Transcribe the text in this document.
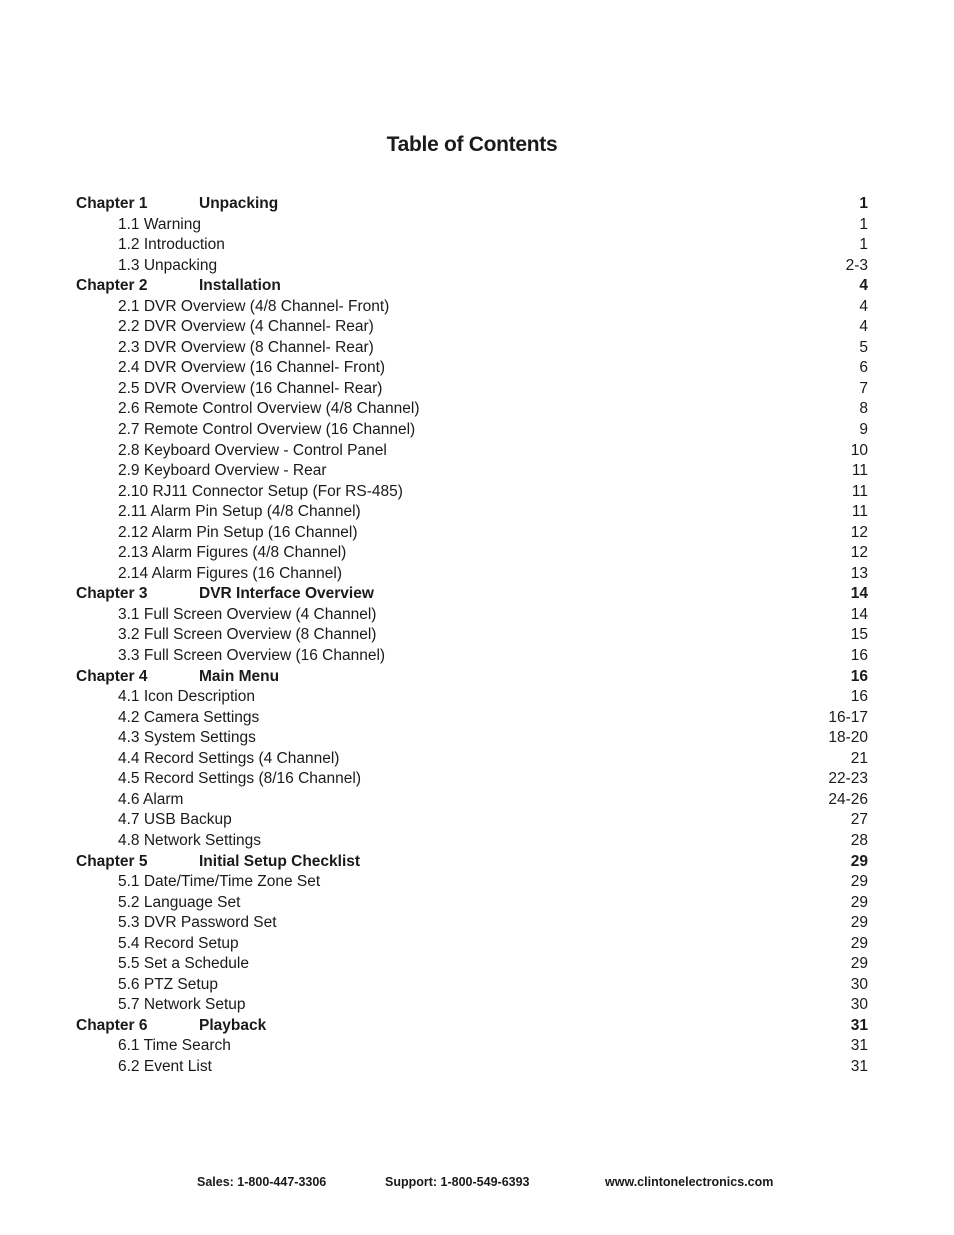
Table of Contents
Chapter 1	Unpacking	1
1.1 Warning	1
1.2 Introduction	1
1.3 Unpacking	2-3
Chapter 2	Installation	4
2.1 DVR Overview (4/8 Channel- Front)	4
2.2 DVR Overview (4 Channel- Rear)	4
2.3 DVR Overview (8 Channel- Rear)	5
2.4 DVR Overview (16 Channel- Front)	6
2.5 DVR Overview (16 Channel- Rear)	7
2.6 Remote Control Overview (4/8 Channel)	8
2.7 Remote Control Overview (16 Channel)	9
2.8 Keyboard Overview - Control Panel	10
2.9 Keyboard Overview - Rear	11
2.10 RJ11 Connector Setup (For RS-485)	11
2.11 Alarm Pin Setup (4/8 Channel)	11
2.12 Alarm Pin Setup (16 Channel)	12
2.13 Alarm Figures (4/8 Channel)	12
2.14 Alarm Figures (16 Channel)	13
Chapter 3	DVR Interface Overview	14
3.1 Full Screen Overview (4 Channel)	14
3.2 Full Screen Overview (8 Channel)	15
3.3 Full Screen Overview (16 Channel)	16
Chapter 4	Main Menu	16
4.1 Icon Description	16
4.2 Camera Settings	16-17
4.3 System Settings	18-20
4.4 Record Settings (4 Channel)	21
4.5 Record Settings (8/16 Channel)	22-23
4.6 Alarm	24-26
4.7 USB Backup	27
4.8 Network Settings	28
Chapter 5	Initial Setup Checklist	29
5.1 Date/Time/Time Zone Set	29
5.2 Language Set	29
5.3 DVR Password Set	29
5.4 Record Setup	29
5.5 Set a Schedule	29
5.6 PTZ Setup	30
5.7 Network Setup	30
Chapter 6	Playback	31
6.1 Time Search	31
6.2 Event List	31
Sales: 1-800-447-3306	Support: 1-800-549-6393	www.clintonelectronics.com
